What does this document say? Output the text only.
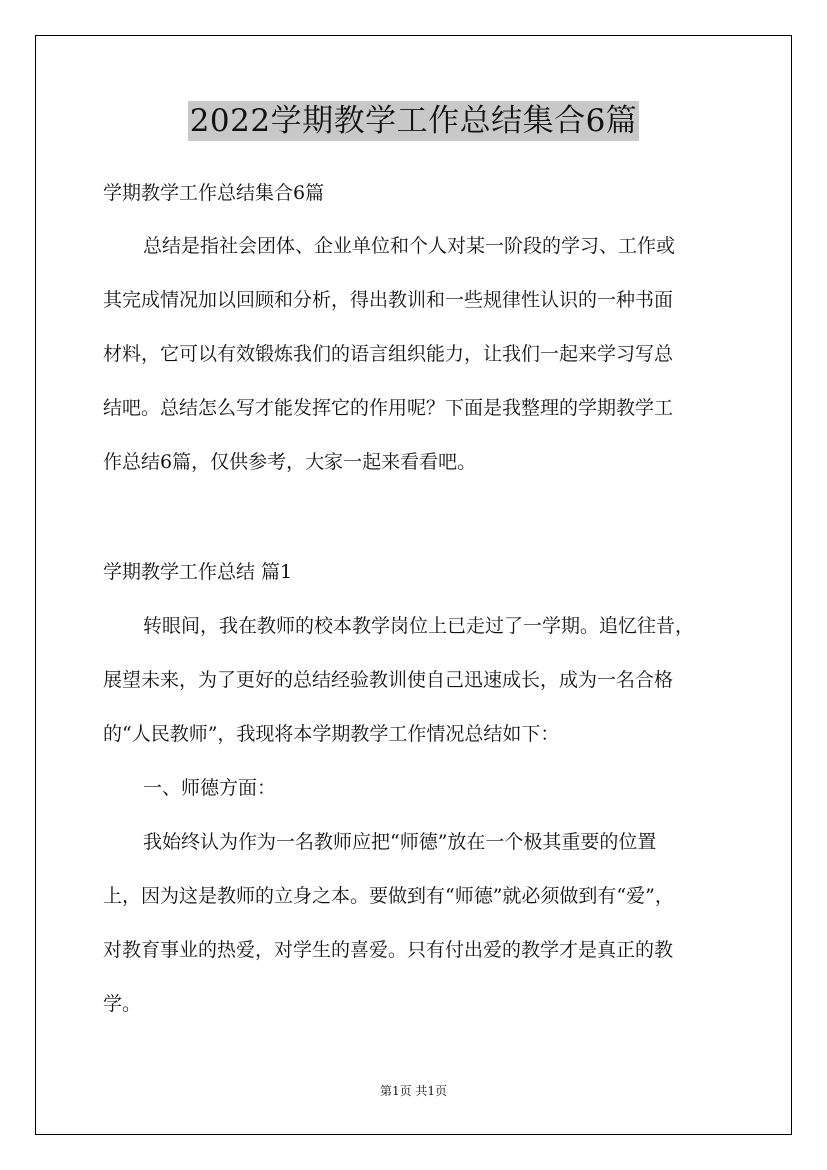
2022学期教学工作总结集合6篇
学期教学工作总结集合6篇
总结是指社会团体、企业单位和个人对某一阶段的学习、工作或
其完成情况加以回顾和分析，得出教训和一些规律性认识的一种书面
材料，它可以有效锻炼我们的语言组织能力，让我们一起来学习写总
结吧。总结怎么写才能发挥它的作用呢？下面是我整理的学期教学工
作总结6篇，仅供参考，大家一起来看看吧。
学期教学工作总结 篇1
转眼间，我在教师的校本教学岗位上已走过了一学期。追忆往昔，
展望未来，为了更好的总结经验教训使自己迅速成长，成为一名合格
的“人民教师”，我现将本学期教学工作情况总结如下：
一、师德方面：
我始终认为作为一名教师应把“师德”放在一个极其重要的位置
上，因为这是教师的立身之本。要做到有“师德”就必须做到有“爱”，
对教育事业的热爱，对学生的喜爱。只有付出爱的教学才是真正的教
学。
第1页 共1页
